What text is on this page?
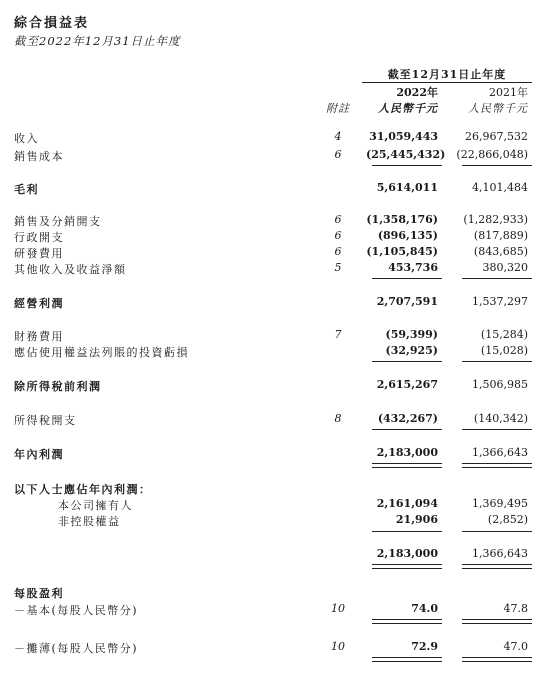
綜合損益表
截至2022年12月31日止年度
截至12月31日止年度
2022年	2021年
附註	人民幣千元	人民幣千元
收入	4	31,059,443	26,967,532
銷售成本	6	(25,445,432) (22,866,048)
毛利	5,614,011	4,101,484
銷售及分銷開支	6	(1,358,176)	(1,282,933)
行政開支	6	(896,135)	(817,889)
研發費用	6	(1,105,845)	(843,685)
其他收入及收益淨額	5	453,736	380,320
經營利潤	2,707,591	1,537,297
財務費用	7	(59,399)	(15,284)
應佔使用權益法列賬的投資虧損	(32,925)	(15,028)
除所得稅前利潤	2,615,267	1,506,985
所得稅開支	8	(432,267)	(140,342)
年內利潤	2,183,000	1,366,643
以下人士應佔年內利潤：
本公司擁有人	2,161,094	1,369,495
非控股權益	21,906	(2,852)
2,183,000	1,366,643
每股盈利
－基本(每股人民幣分)	10	74.0	47.8
－攤薄(每股人民幣分)	10	72.9	47.0
